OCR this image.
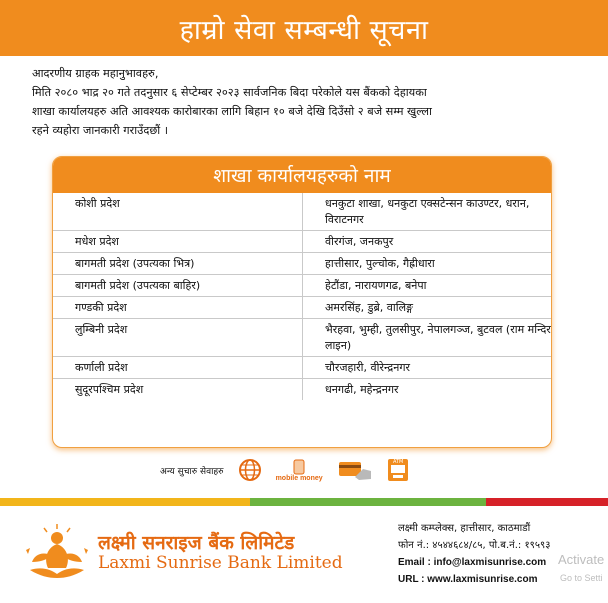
हाम्रो सेवा सम्बन्धी सूचना

आदरणीय ग्राहक महानुभावहरु,

मिति २०८० भाद्र २० गते तदनुसार ६ सेप्टेम्बर २०२३ सार्वजनिक बिदा परेकोले यस बैंकको देहायका

शाखा कार्यालयहरु अति आवश्यक कारोबारका लागि बिहान १० बजे देखि दिउँसो २ बजे सम्म खुल्ला

रहने व्यहोरा जानकारी गराउँदछौं ।

शाखा कार्यालयहरुको नाम
कोशी प्रदेश	धनकुटा शाखा, धनकुटा एक्सटेन्सन काउण्टर, धरान, विराटनगर
मधेश प्रदेश	वीरगंज, जनकपुर
बागमती प्रदेश (उपत्यका भित्र)	हात्तीसार, पुल्चोक, गैह्रीधारा
बागमती प्रदेश (उपत्यका बाहिर)	हेटौंडा, नारायणगढ, बनेपा
गण्डकी प्रदेश	अमरसिंह, डुब्रे, वालिङ्ग
लुम्बिनी प्रदेश	भैरहवा, भुम्ही, तुलसीपुर, नेपालगञ्ज, बुटवल (राम मन्दिर लाइन)
कर्णाली प्रदेश	चौरजहारी, वीरेन्द्रनगर
सुदूरपश्चिम प्रदेश	धनगढी, महेन्द्रनगर
अन्य सुचारु सेवाहरु
mobile money
ATM
लक्ष्मी सनराइज बैंक लिमिटेड
Laxmi Sunrise Bank Limited
लक्ष्मी कम्प्लेक्स, हात्तीसार, काठमाडौं
फोन नं.: ४५४४६८४/८५, पो.ब.नं.: १९५९३
Email : info@laxmisunrise.com
URL : www.laxmisunrise.com
Activate
Go to Setti
